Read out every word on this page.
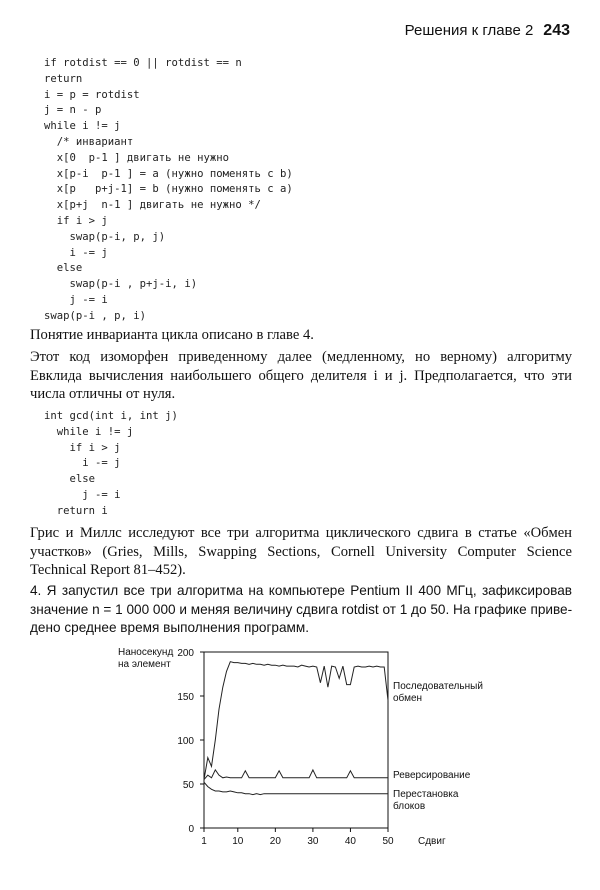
Решения к главе 2 243
if rotdist == 0 || rotdist == n
return
i = p = rotdist
j = n - p
while i != j
/* инвариант
x[0  p-1 ] двигать не нужно
x[p-i  p-1 ] = a (нужно поменять с b)
x[p   p+j-1] = b (нужно поменять с a)
x[p+j  n-1 ] двигать не нужно */
if i > j
swap(p-i, p, j)
i -= j
else
swap(p-i , p+j-i, i)
j -= i
swap(p-i , p, i)
Понятие инварианта цикла описано в главе 4.
Этот код изоморфен приведенному далее (медленному, но верному) алгоритму
Евклида вычисления наибольшего общего делителя i и j. Предполагается, что эти
числа отличны от нуля.
int gcd(int i, int j)
while i != j
if i > j
i -= j
else
j -= i
return i
Грис и Миллс исследуют все три алгоритма циклического сдвига в статье «Обмен
участков» (Gries, Mills, Swapping Sections, Cornell University Computer Science
Technical Report 81–452).
4. Я запустил все три алгоритма на компьютере Pentium II 400 МГц, зафиксировав
значение n = 1 000 000 и меняя величину сдвига rotdist от 1 до 50. На графике приве-
дено среднее время выполнения программ.
0
50
100
150
200
1	10	20	30	40	50
Наносекунд
на элемент
Сдвиг
Последовательный
обмен
Реверсирование
Перестановка
блоков
